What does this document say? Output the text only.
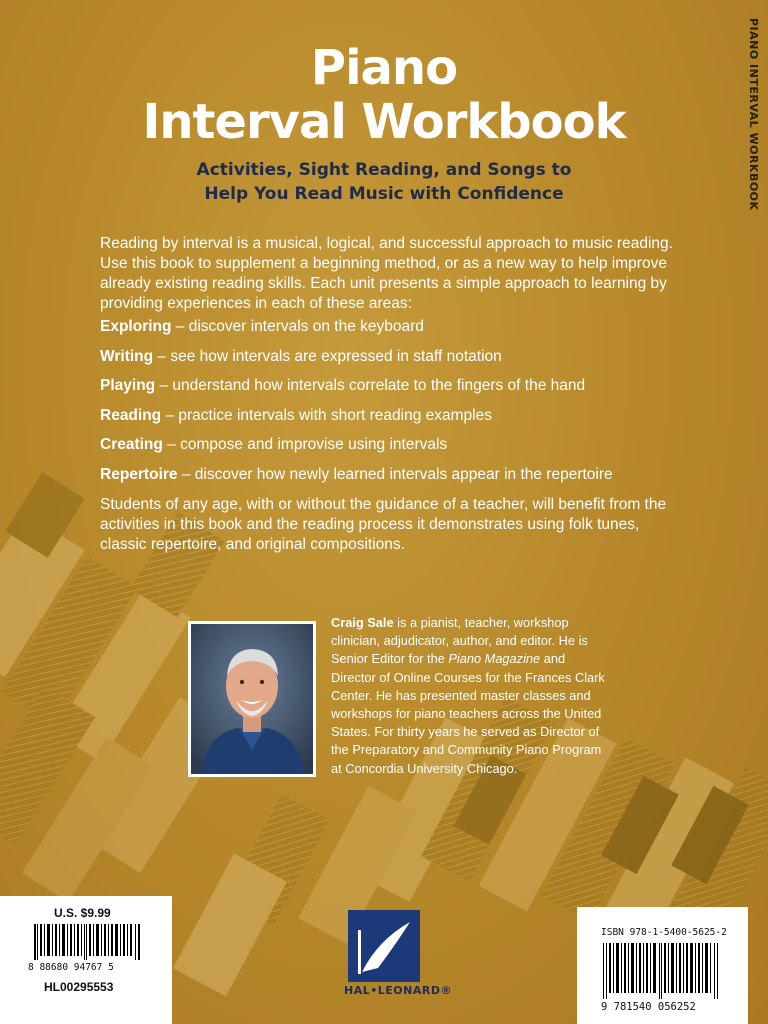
PIANO INTERVAL WORKBOOK
Piano
Interval Workbook
Activities, Sight Reading, and Songs to
Help You Read Music with Confidence

Reading by interval is a musical, logical, and successful approach to music reading. Use this book to supplement a beginning method, or as a new way to help improve already existing reading skills. Each unit presents a simple approach to learning by providing experiences in each of these areas:

Exploring – discover intervals on the keyboard
Writing – see how intervals are expressed in staff notation
Playing – understand how intervals correlate to the fingers of the hand
Reading – practice intervals with short reading examples
Creating – compose and improvise using intervals
Repertoire – discover how newly learned intervals appear in the repertoire

Students of any age, with or without the guidance of a teacher, will benefit from the activities in this book and the reading process it demonstrates using folk tunes, classic repertoire, and original compositions.

Craig Sale is a pianist, teacher, workshop clinician, adjudicator, author, and editor. He is Senior Editor for the Piano Magazine and Director of Online Courses for the Frances Clark Center. He has presented master classes and workshops for piano teachers across the United States. For thirty years he served as Director of the Preparatory and Community Piano Program at Concordia University Chicago.

U.S. $9.99
8 88680 94767 5
HL00295553	HAL•LEONARD®
ISBN 978-1-5400-5625-2
9 781540 056252
